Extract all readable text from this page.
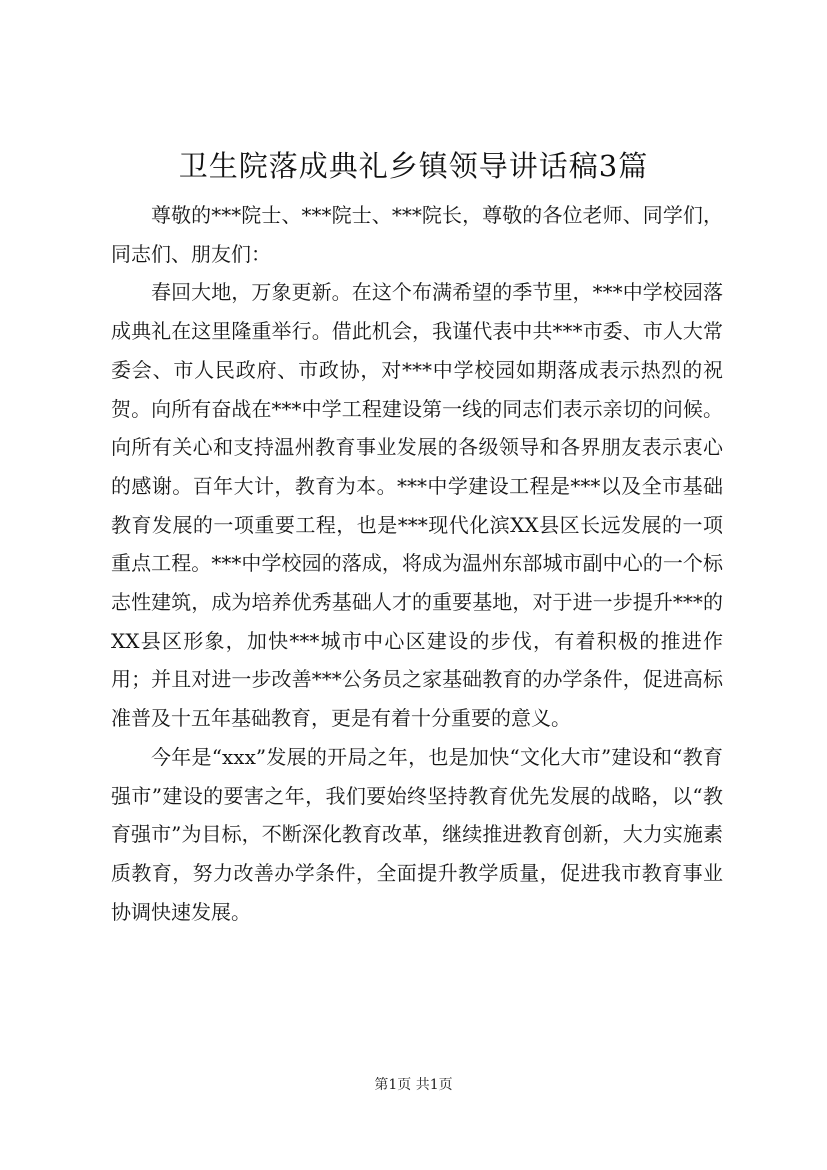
卫生院落成典礼乡镇领导讲话稿3篇

尊敬的***院士、***院士、***院长，尊敬的各位老师、同学们，同志们、朋友们：

春回大地，万象更新。在这个布满希望的季节里，***中学校园落成典礼在这里隆重举行。借此机会，我谨代表中共***市委、市人大常委会、市人民政府、市政协，对***中学校园如期落成表示热烈的祝贺。向所有奋战在***中学工程建设第一线的同志们表示亲切的问候。向所有关心和支持温州教育事业发展的各级领导和各界朋友表示衷心的感谢。百年大计，教育为本。***中学建设工程是***以及全市基础教育发展的一项重要工程，也是***现代化滨XX县区长远发展的一项重点工程。***中学校园的落成，将成为温州东部城市副中心的一个标志性建筑，成为培养优秀基础人才的重要基地，对于进一步提升***的XX县区形象，加快***城市中心区建设的步伐，有着积极的推进作用；并且对进一步改善***公务员之家基础教育的办学条件，促进高标准普及十五年基础教育，更是有着十分重要的意义。

今年是“xxx”发展的开局之年，也是加快“文化大市”建设和“教育强市”建设的要害之年，我们要始终坚持教育优先发展的战略，以“教育强市”为目标，不断深化教育改革，继续推进教育创新，大力实施素质教育，努力改善办学条件，全面提升教学质量，促进我市教育事业协调快速发展。

第1页 共1页
